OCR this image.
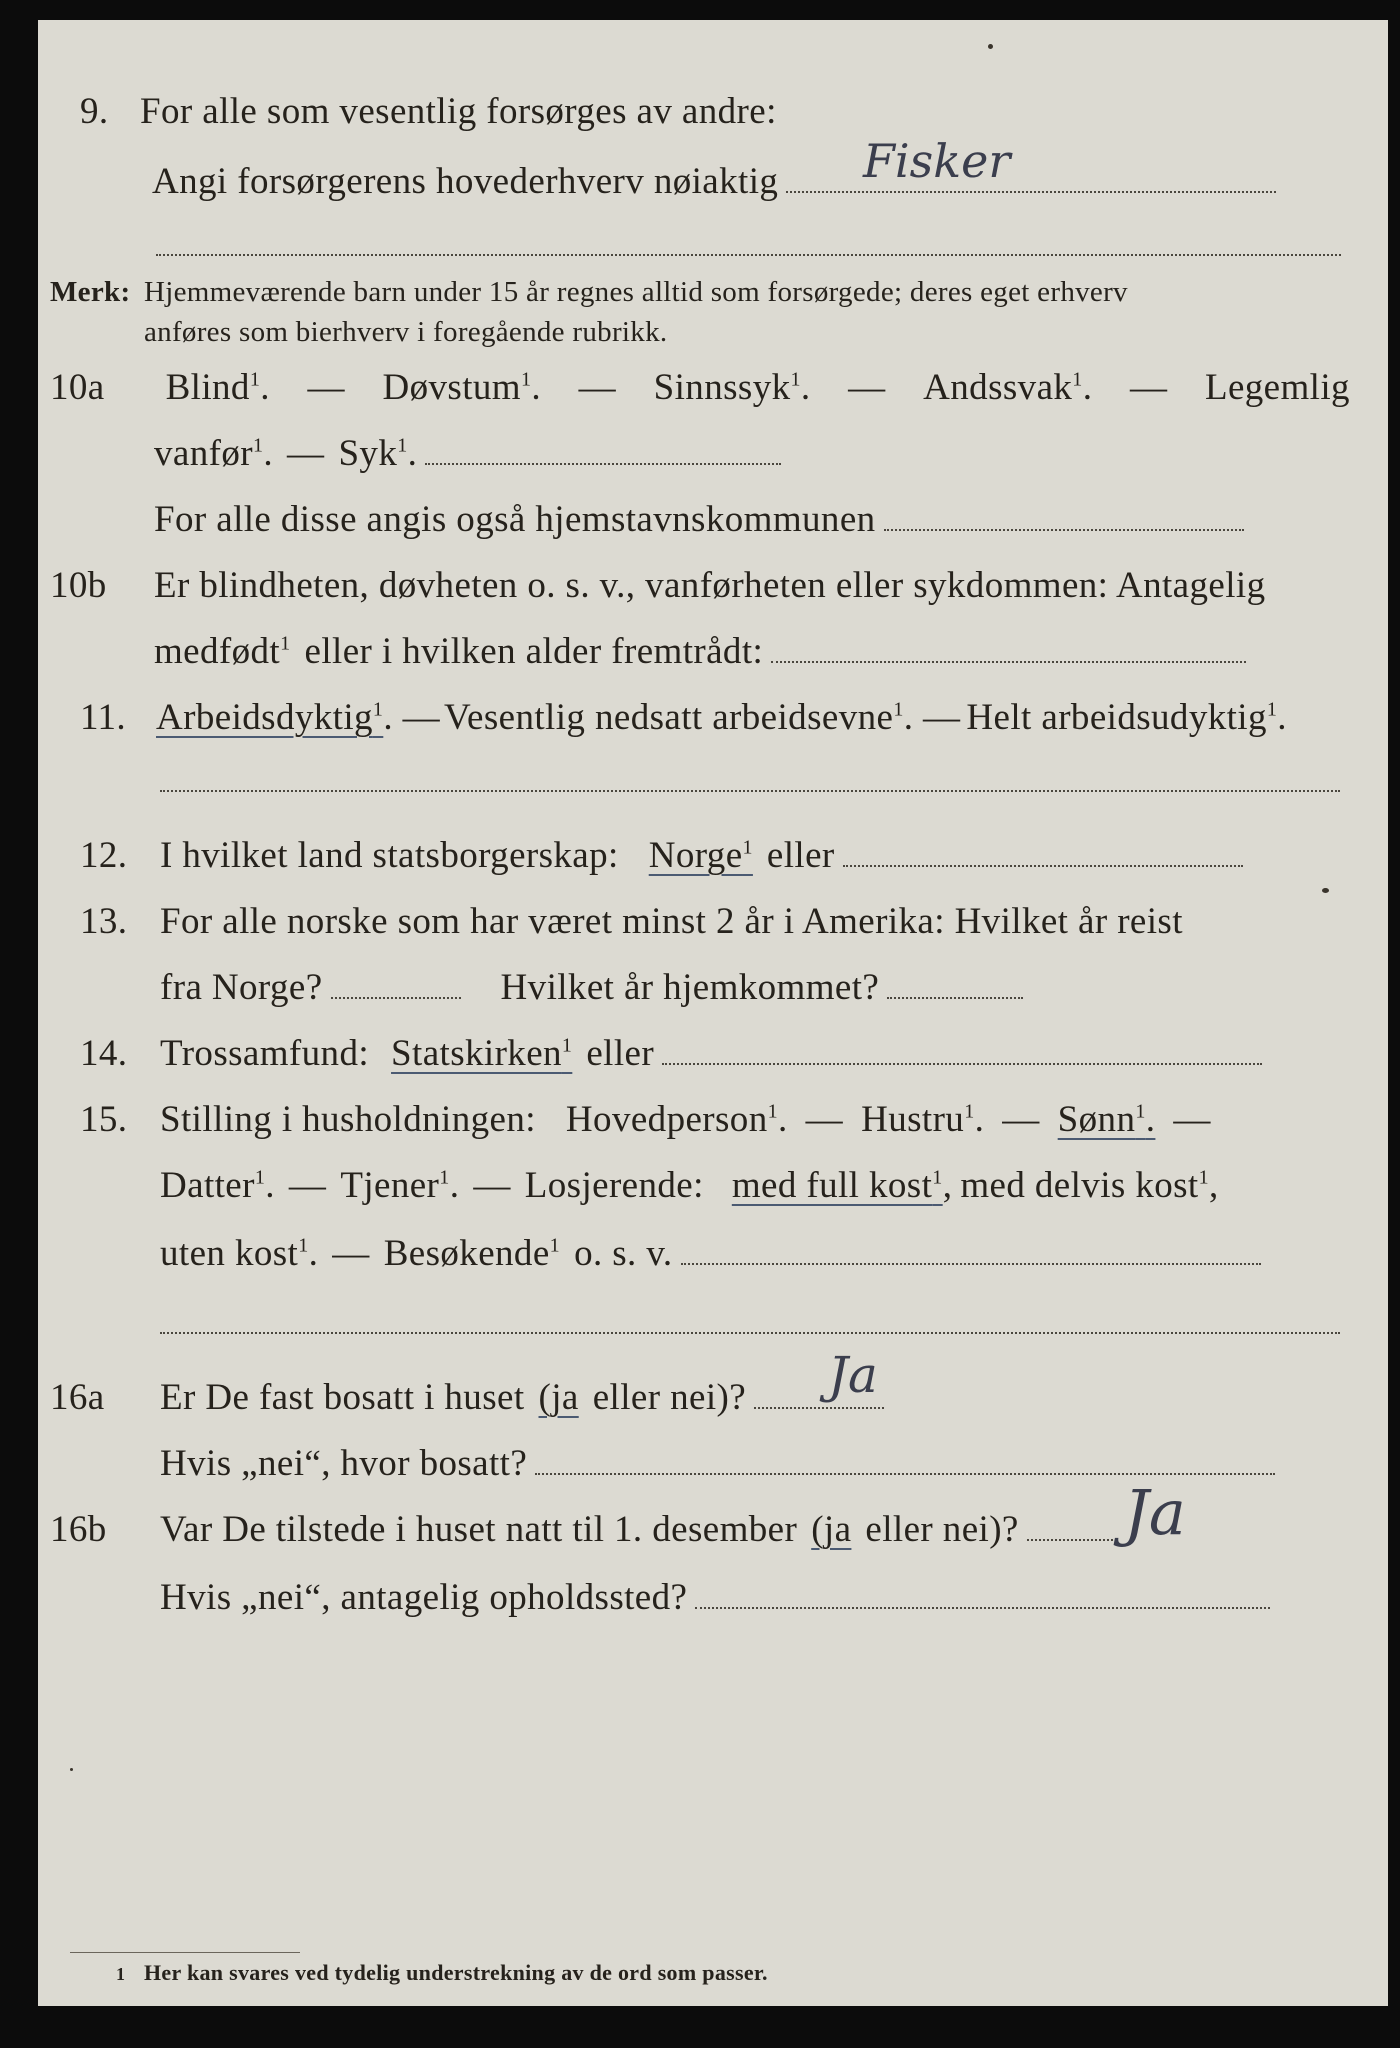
9. For alle som vesentlig forsørges av andre:
Angi forsørgerens hovederhverv nøiaktig Fisker
Merk: Hjemmeværende barn under 15 år regnes alltid som forsørgede; deres eget erhverv
anføres som bierhverv i foregående rubrikk.
10a	Blind$^1$. — Døvstum$^1$. — Sinnssyk$^1$. — Andssvak$^1$. — Legemlig
vanfør$^1$. — Syk$^1$.
For alle disse angis også hjemstavnskommunen
10b	Er blindheten, døvheten o. s. v., vanførheten eller sykdommen: Antagelig
medfødt$^1$ eller i hvilken alder fremtrådt:
11. Arbeidsdyktig$^1$ . — Vesentlig nedsatt arbeidsevne$^1$ . — Helt arbeidsudyktig$^1$.
12. I hvilket land statsborgerskap: Norge$^1$ eller
13. For alle norske som har været minst 2 år i Amerika: Hvilket år reist
fra Norge?	Hvilket år hjemkommet?
14. Trossamfund: Statskirken$^1$ eller
15. Stilling i husholdningen: Hovedperson$^1$. — Hustru$^1$. — Sønn$^1$. —
Datter$^1$. — Tjener$^1$. — Losjerende: med full kost$^1$ , med delvis kost$^1$,
uten kost$^1$. — Besøkende$^1$ o. s. v.
16a	Er De fast bosatt i huset (ja eller nei)? Ja
Hvis „nei“, hvor bosatt?
16b	Var De tilstede i huset natt til 1. desember (ja eller nei)? Ja
Hvis „nei“, antagelig opholdssted?
1 Her kan svares ved tydelig understrekning av de ord som passer.
